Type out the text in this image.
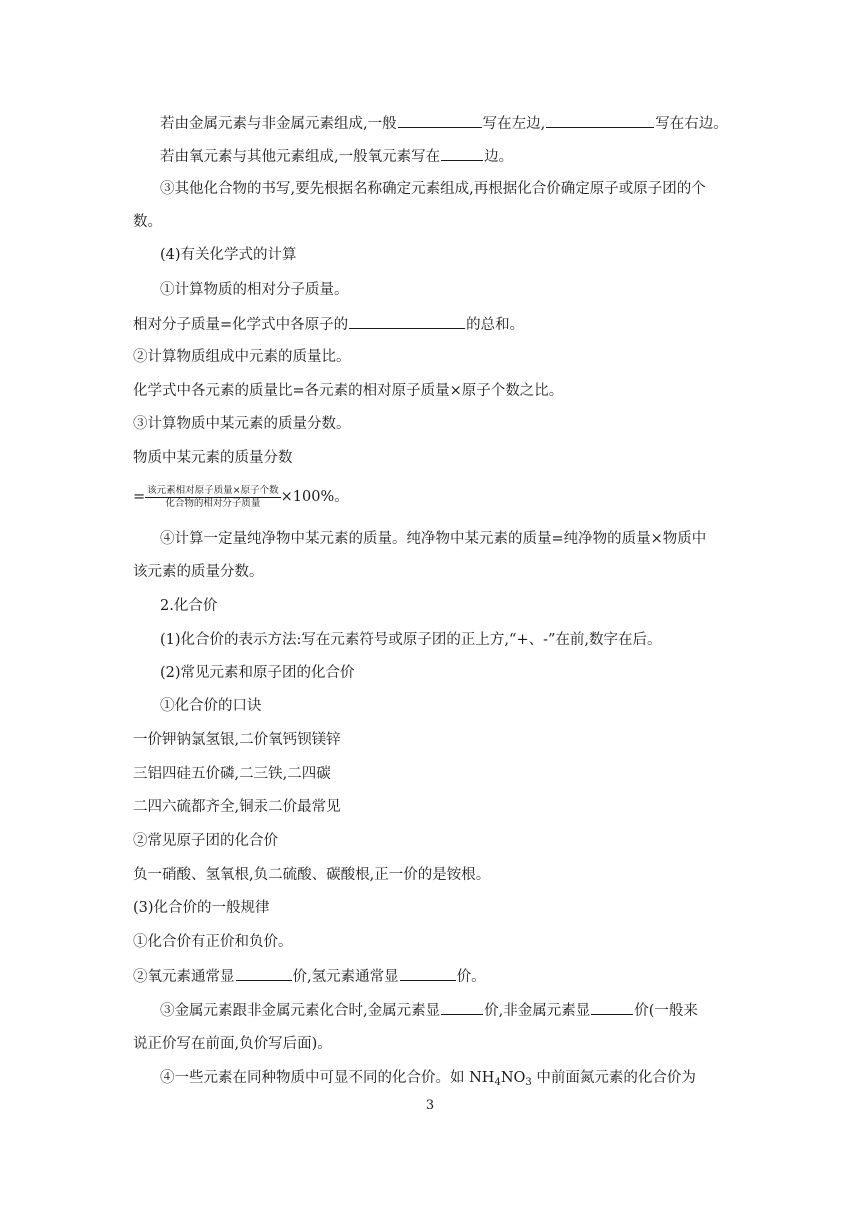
若由金属元素与非金属元素组成,一般	写在左边,	写在右边。
若由氧元素与其他元素组成,一般氧元素写在	边。
③其他化合物的书写,要先根据名称确定元素组成,再根据化合价确定原子或原子团的个
数。
(4)有关化学式的计算
①计算物质的相对分子质量。
相对分子质量=化学式中各原子的	的总和。
②计算物质组成中元素的质量比。
化学式中各元素的质量比=各元素的相对原子质量×原子个数之比。
③计算物质中某元素的质量分数。
物质中某元素的质量分数
= $\frac{\text{该元素相对原子质量×原子个数}}{\text{化合物的相对分子质量}} \times 100\%$。
④计算一定量纯净物中某元素的质量。纯净物中某元素的质量=纯净物的质量×物质中
该元素的质量分数。
2.化合价
(1)化合价的表示方法:写在元素符号或原子团的正上方,“+、-”在前,数字在后。
(2)常见元素和原子团的化合价
①化合价的口诀
一价钾钠氯氢银,二价氧钙钡镁锌
三铝四硅五价磷,二三铁,二四碳
二四六硫都齐全,铜汞二价最常见
②常见原子团的化合价
负一硝酸、氢氧根,负二硫酸、碳酸根,正一价的是铵根。
(3)化合价的一般规律
①化合价有正价和负价。
②氧元素通常显	价,氢元素通常显	价。
③金属元素跟非金属元素化合时,金属元素显	价,非金属元素显	价(一般来
说正价写在前面,负价写后面)。
④一些元素在同种物质中可显不同的化合价。如 $NH_4NO_3$ 中前面氮元素的化合价为
3
